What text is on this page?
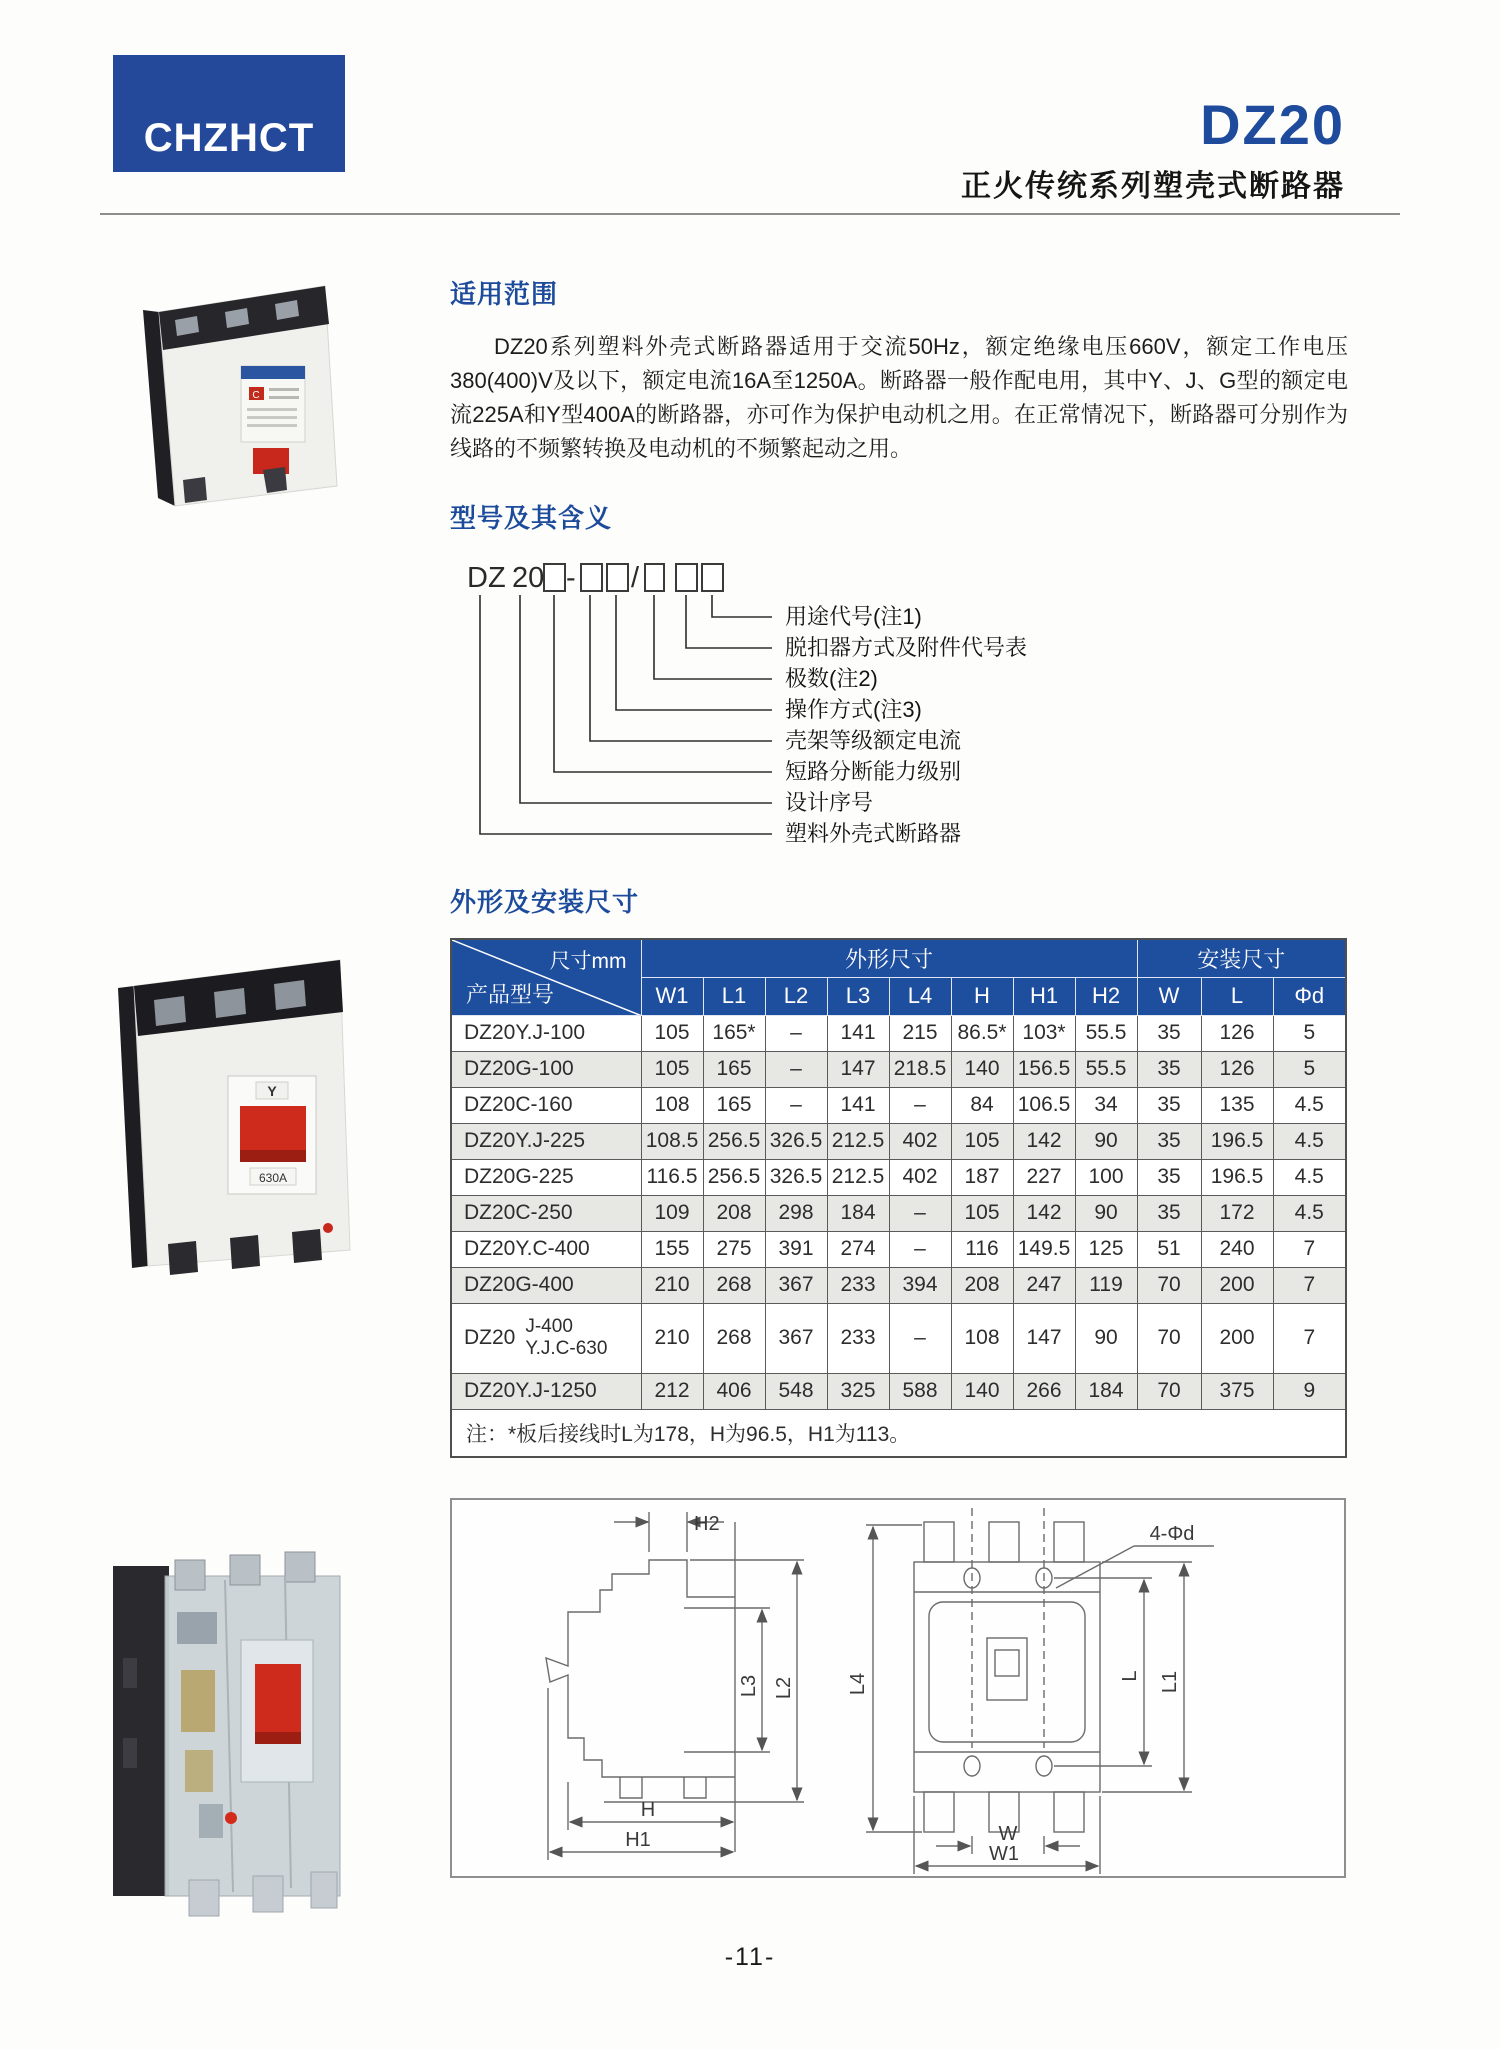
CHZHCT	DZ20
正火传统系列塑壳式断路器
C
Y
630A
适用范围
DZ20系列塑料外壳式断路器适用于交流50Hz，额定绝缘电压660V，额定工作电压380(400)V及以下，额定电流16A至1250A。断路器一般作配电用，其中Y、J、G型的额定电流225A和Y型400A的断路器，亦可作为保护电动机之用。在正常情况下，断路器可分别作为线路的不频繁转换及电动机的不频繁起动之用。
型号及其含义
DZ 20 - /
用途代号(注1)
脱扣器方式及附件代号表
极数(注2)
操作方式(注3)
壳架等级额定电流
短路分断能力级别
设计序号
塑料外壳式断路器
外形及安装尺寸
尺寸mm
产品型号	外形尺寸								安装尺寸		
	W1	L1	L2	L3	L4	H	H1	H2	W	L	Φd
DZ20Y.J-100	105	165*	–	141	215	86.5*	103*	55.5	35	126	5
DZ20G-100	105	165	–	147	218.5	140	156.5	55.5	35	126	5
DZ20C-160	108	165	–	141	–	84	106.5	34	35	135	4.5
DZ20Y.J-225	108.5	256.5	326.5	212.5	402	105	142	90	35	196.5	4.5
DZ20G-225	116.5	256.5	326.5	212.5	402	187	227	100	35	196.5	4.5
DZ20C-250	109	208	298	184	–	105	142	90	35	172	4.5
DZ20Y.C-400	155	275	391	274	–	116	149.5	125	51	240	7
DZ20G-400	210	268	367	233	394	208	247	119	70	200	7

DZ20 J-400
Y.J.C-630	210	268	367	233	–	108	147	90	70	200	7
DZ20Y.J-1250	212	406	548	325	588	140	266	184	70	375	9
注：*板后接线时L为178，H为96.5，H1为113。											
H2
L3 L2
H
H1
L4
4-Φd
L L1
W
W1
-11-
